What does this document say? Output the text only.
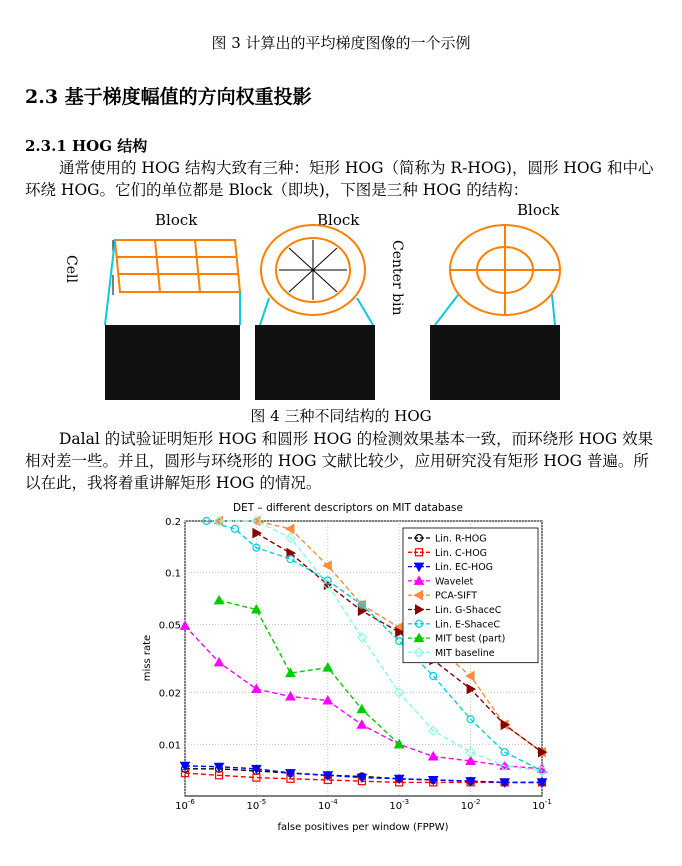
图 3 计算出的平均梯度图像的一个示例
2.3 基于梯度幅值的方向权重投影
2.3.1 HOG 结构
通常使用的 HOG 结构大致有三种：矩形 HOG（简称为 R-HOG)，圆形 HOG 和中心环绕 HOG。它们的单位都是 Block（即块)，下图是三种 HOG 的结构：
Block
Cell
Block
Center bin
Block
图 4 三种不同结构的 HOG
Dalal 的试验证明矩形 HOG 和圆形 HOG 的检测效果基本一致，而环绕形 HOG 效果相对差一些。并且，圆形与环绕形的 HOG 文献比较少，应用研究没有矩形 HOG 普遍。所以在此，我将着重讲解矩形 HOG 的情况。
DET – different descriptors on MIT database
$10^{-6}$	$10^{-5}$	$10^{-4}$	$10^{-3}$	$10^{-2}$	$10^{-1}$
0.2
0.1
0.05
0.02
0.01
false positives per window (FPPW)
miss rate
Lin. R-HOG
Lin. C-HOG
Lin. EC-HOG
Wavelet
PCA-SIFT
Lin. G-ShaceC
Lin. E-ShaceC
MIT best (part)
MIT baseline
